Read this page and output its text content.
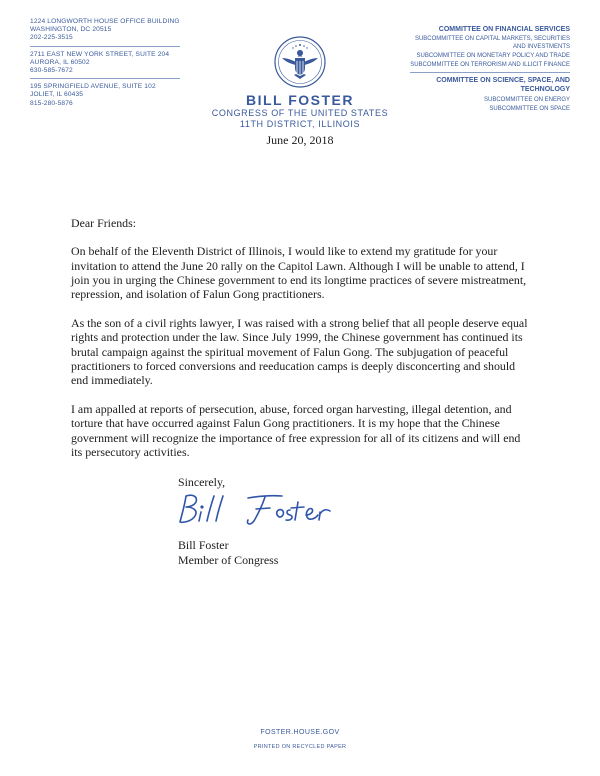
1224 LONGWORTH HOUSE OFFICE BUILDING
WASHINGTON, DC 20515
202-225-3515
2711 EAST NEW YORK STREET, SUITE 204
AURORA, IL 60502
630-585-7672
195 SPRINGFIELD AVENUE, SUITE 102
JOLIET, IL 60435
815-280-5876
COMMITTEE ON FINANCIAL SERVICES
SUBCOMMITTEE ON CAPITAL MARKETS, SECURITIES AND INVESTMENTS
SUBCOMMITTEE ON MONETARY POLICY AND TRADE
SUBCOMMITTEE ON TERRORISM AND ILLICIT FINANCE
COMMITTEE ON SCIENCE, SPACE, AND TECHNOLOGY
SUBCOMMITTEE ON ENERGY
SUBCOMMITTEE ON SPACE
BILL FOSTER
CONGRESS OF THE UNITED STATES
11TH DISTRICT, ILLINOIS
June 20, 2018

Dear Friends:

On behalf of the Eleventh District of Illinois, I would like to extend my gratitude for your invitation to attend the June 20 rally on the Capitol Lawn. Although I will be unable to attend, I join you in urging the Chinese government to end its longtime practices of severe mistreatment, repression, and isolation of Falun Gong practitioners.

As the son of a civil rights lawyer, I was raised with a strong belief that all people deserve equal rights and protection under the law. Since July 1999, the Chinese government has continued its brutal campaign against the spiritual movement of Falun Gong. The subjugation of peaceful practitioners to forced conversions and reeducation camps is deeply disconcerting and should end immediately.

I am appalled at reports of persecution, abuse, forced organ harvesting, illegal detention, and torture that have occurred against Falun Gong practitioners. It is my hope that the Chinese government will recognize the importance of free expression for all of its citizens and will end its persecutory activities.

Sincerely,
Bill Foster
Member of Congress
FOSTER.HOUSE.GOV
PRINTED ON RECYCLED PAPER
